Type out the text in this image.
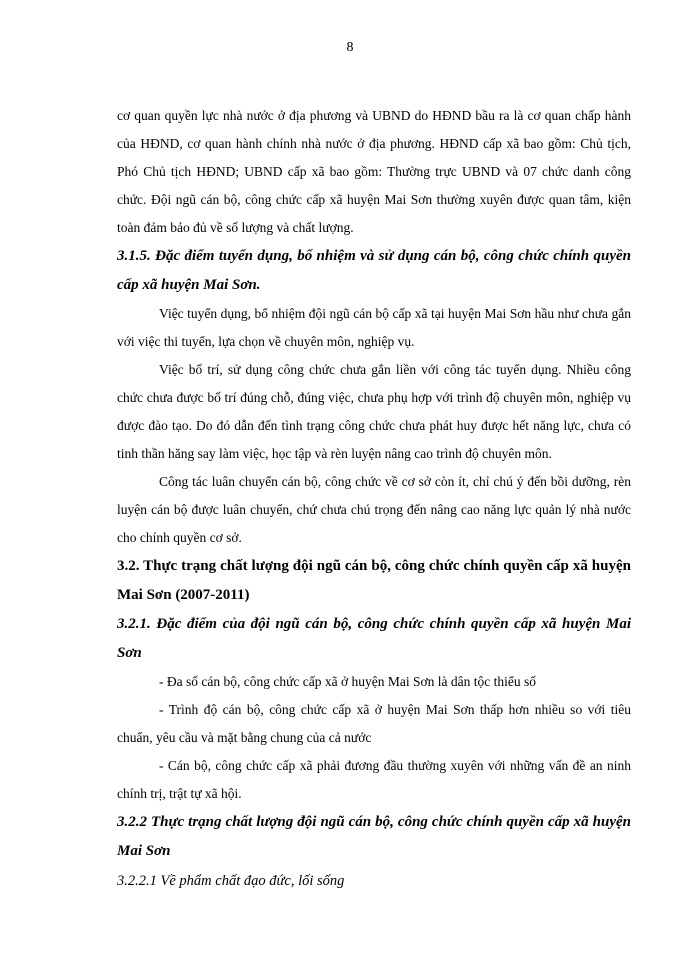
8

cơ quan quyền lực nhà nước ở địa phương và UBND do HĐND bầu ra là cơ quan chấp hành của HĐND, cơ quan hành chính nhà nước ở địa phương. HĐND cấp xã bao gồm: Chủ tịch, Phó Chủ tịch HĐND; UBND cấp xã bao gồm: Thường trực UBND và 07 chức danh công chức. Đội ngũ cán bộ, công chức cấp xã huyện Mai Sơn thường xuyên được quan tâm, kiện toàn đảm bảo đủ về số lượng và chất lượng.

3.1.5. Đặc điểm tuyển dụng, bổ nhiệm và sử dụng cán bộ, công chức chính quyền cấp xã huyện Mai Sơn.

Việc tuyển dụng, bổ nhiệm đội ngũ cán bộ cấp xã tại huyện Mai Sơn hầu như chưa gắn với việc thi tuyển, lựa chọn về chuyên môn, nghiệp vụ.

Việc bố trí, sử dụng công chức chưa gắn liền với công tác tuyển dụng. Nhiều công chức chưa được bố trí đúng chỗ, đúng việc, chưa phụ hợp với trình độ chuyên môn, nghiệp vụ được đào tạo. Do đó dẫn đến tình trạng công chức chưa phát huy được hết năng lực, chưa có tinh thần hăng say làm việc, học tập và rèn luyện nâng cao trình độ chuyên môn.

Công tác luân chuyển cán bộ, công chức về cơ sở còn ít, chỉ chú ý đến bồi dưỡng, rèn luyện cán bộ được luân chuyển, chứ chưa chú trọng đến nâng cao năng lực quản lý nhà nước cho chính quyền cơ sở.

3.2. Thực trạng chất lượng đội ngũ cán bộ, công chức chính quyền cấp xã huyện Mai Sơn (2007-2011)
3.2.1. Đặc điểm của đội ngũ cán bộ, công chức chính quyền cấp xã huyện Mai Sơn

- Đa số cán bộ, công chức cấp xã ở huyện Mai Sơn là dân tộc thiểu số

- Trình độ cán bộ, công chức cấp xã ở huyện Mai Sơn thấp hơn nhiều so với tiêu chuẩn, yêu cầu và mặt bằng chung của cả nước

- Cán bộ, công chức cấp xã phải đương đầu thường xuyên với những vấn đề an ninh chính trị, trật tự xã hội.

3.2.2 Thực trạng chất lượng đội ngũ cán bộ, công chức chính quyền cấp xã huyện Mai Sơn
3.2.2.1 Về phẩm chất đạo đức, lối sống
